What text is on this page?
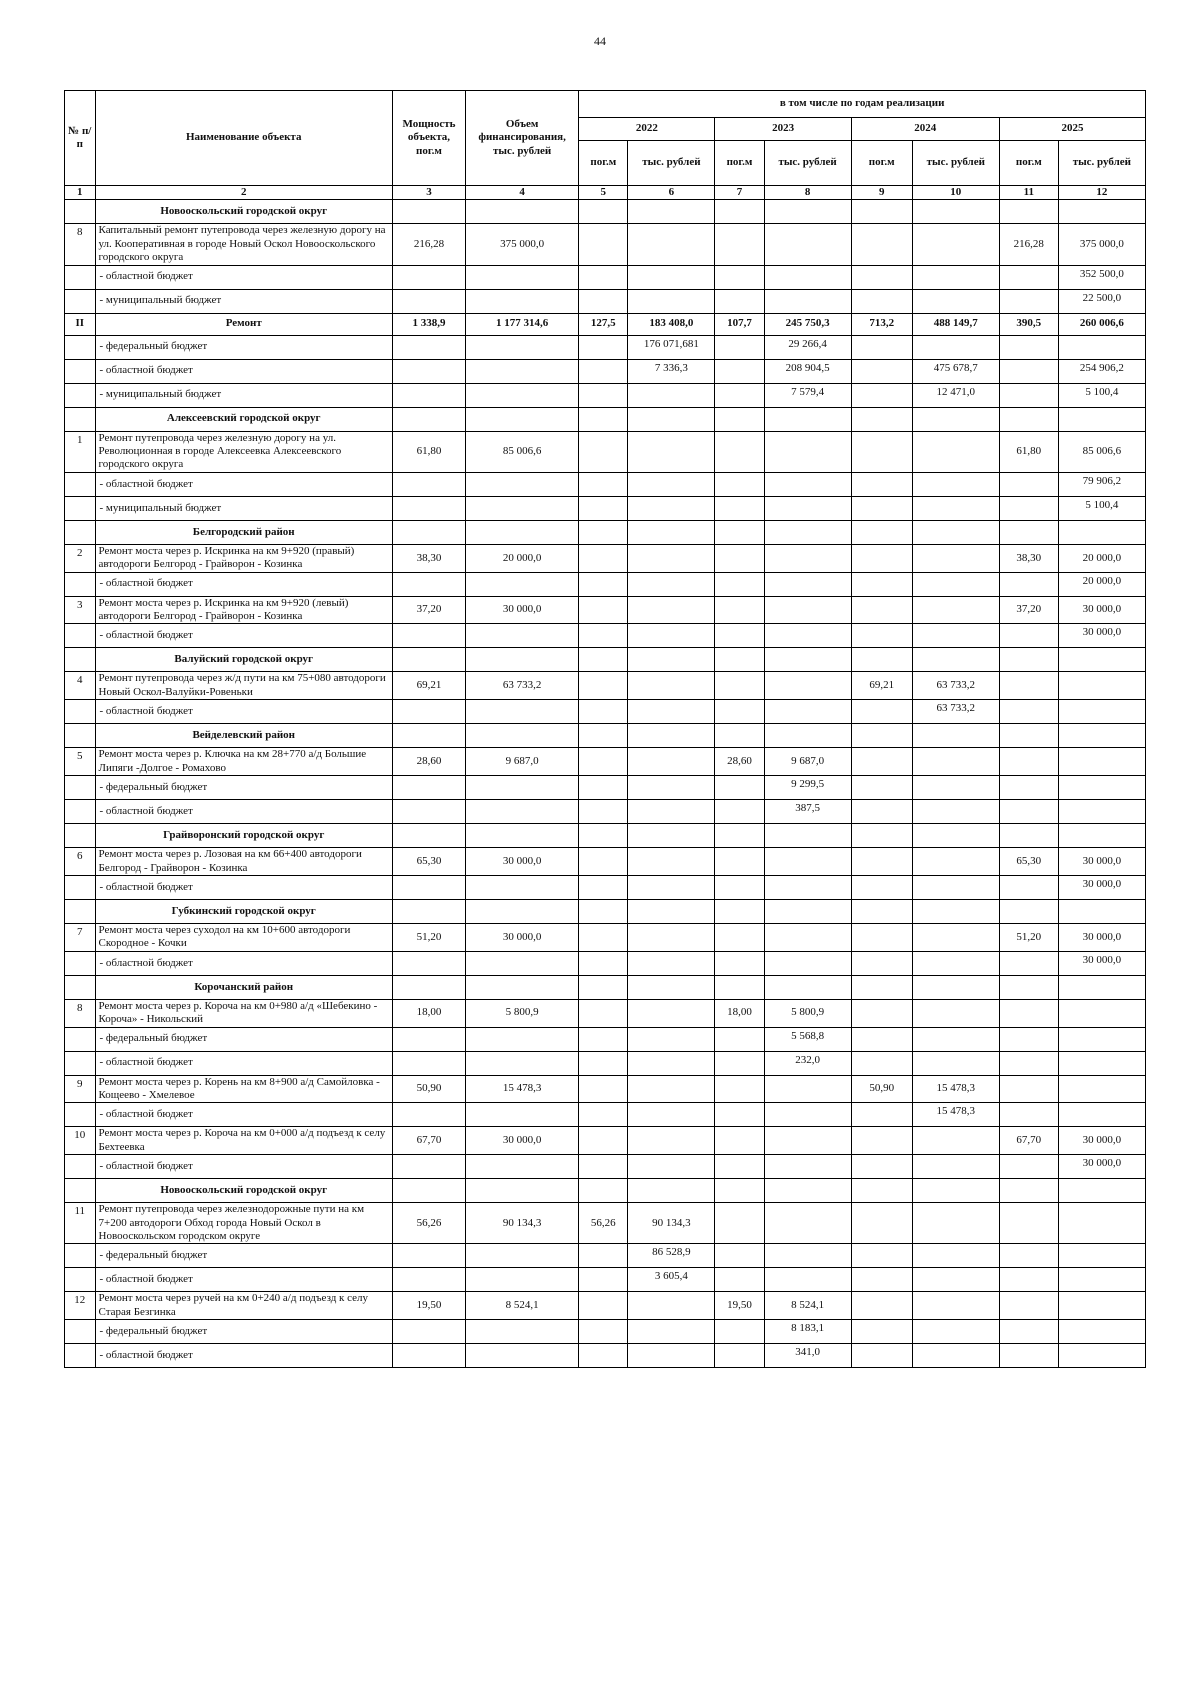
44
№ п/п	Наименование объекта	Мощность объекта, пог.м	Объем финансирования, тыс. рублей	в том числе по годам реализации							
				2022		2023		2024		2025	
				пог.м	тыс. рублей	пог.м	тыс. рублей	пог.м	тыс. рублей	пог.м	тыс. рублей
1	2	3	4	5	6	7	8	9	10	11	12
	Новооскольский городской округ										
8	Капитальный ремонт путепровода через железную дорогу на ул. Кооперативная в городе Новый Оскол Новооскольского городского округа	216,28	375 000,0							216,28	375 000,0
	- областной бюджет										352 500,0
	- муниципальный бюджет										22 500,0
II	Ремонт	1 338,9	1 177 314,6	127,5	183 408,0	107,7	245 750,3	713,2	488 149,7	390,5	260 006,6
	- федеральный бюджет				176 071,681		29 266,4				
	- областной бюджет				7 336,3		208 904,5		475 678,7		254 906,2
	- муниципальный бюджет						7 579,4		12 471,0		5 100,4
	Алексеевский городской округ										
1	Ремонт путепровода через железную дорогу на ул. Революционная в городе Алексеевка Алексеевского городского округа	61,80	85 006,6							61,80	85 006,6
	- областной бюджет										79 906,2
	- муниципальный бюджет										5 100,4
	Белгородский район										
2	Ремонт моста через р. Искринка на км 9+920 (правый) автодороги Белгород - Грайворон - Козинка	38,30	20 000,0							38,30	20 000,0
	- областной бюджет										20 000,0
3	Ремонт моста через р. Искринка на км 9+920 (левый) автодороги Белгород - Грайворон - Козинка	37,20	30 000,0							37,20	30 000,0
	- областной бюджет										30 000,0
	Валуйский городской округ										
4	Ремонт путепровода через ж/д пути на км 75+080 автодороги Новый Оскол-Валуйки-Ровеньки	69,21	63 733,2					69,21	63 733,2		
	- областной бюджет								63 733,2		
	Вейделевский район										
5	Ремонт моста через р. Ключка на км 28+770 а/д Большие Липяги -Долгое - Ромахово	28,60	9 687,0			28,60	9 687,0				
	- федеральный бюджет						9 299,5				
	- областной бюджет						387,5				
	Грайворонский городской округ										
6	Ремонт моста через р. Лозовая на км 66+400 автодороги Белгород - Грайворон - Козинка	65,30	30 000,0							65,30	30 000,0
	- областной бюджет										30 000,0
	Губкинский городской округ										
7	Ремонт моста через суходол на км 10+600 автодороги Скородное - Кочки	51,20	30 000,0							51,20	30 000,0
	- областной бюджет										30 000,0
	Корочанский район										
8	Ремонт моста через р. Корочa на км 0+980 а/д «Шебекино - Короча» - Никольский	18,00	5 800,9			18,00	5 800,9				
	- федеральный бюджет						5 568,8				
	- областной бюджет						232,0				
9	Ремонт моста через р. Корень на км 8+900 а/д Самойловка - Кощеево - Хмелевое	50,90	15 478,3					50,90	15 478,3		
	- областной бюджет								15 478,3		
10	Ремонт моста через р. Короча на км 0+000 а/д подъезд к селу Бехтеевка	67,70	30 000,0							67,70	30 000,0
	- областной бюджет										30 000,0
	Новооскольский городской округ										
11	Ремонт путепровода через железнодорожные пути на км 7+200 автодороги Обход города Новый Оскол в Новооскольском городском округе	56,26	90 134,3	56,26	90 134,3						
	- федеральный бюджет				86 528,9						
	- областной бюджет				3 605,4						
12	Ремонт моста через ручей на км 0+240 а/д подъезд к селу Старая Безгинка	19,50	8 524,1			19,50	8 524,1				
	- федеральный бюджет						8 183,1				
	- областной бюджет						341,0				
